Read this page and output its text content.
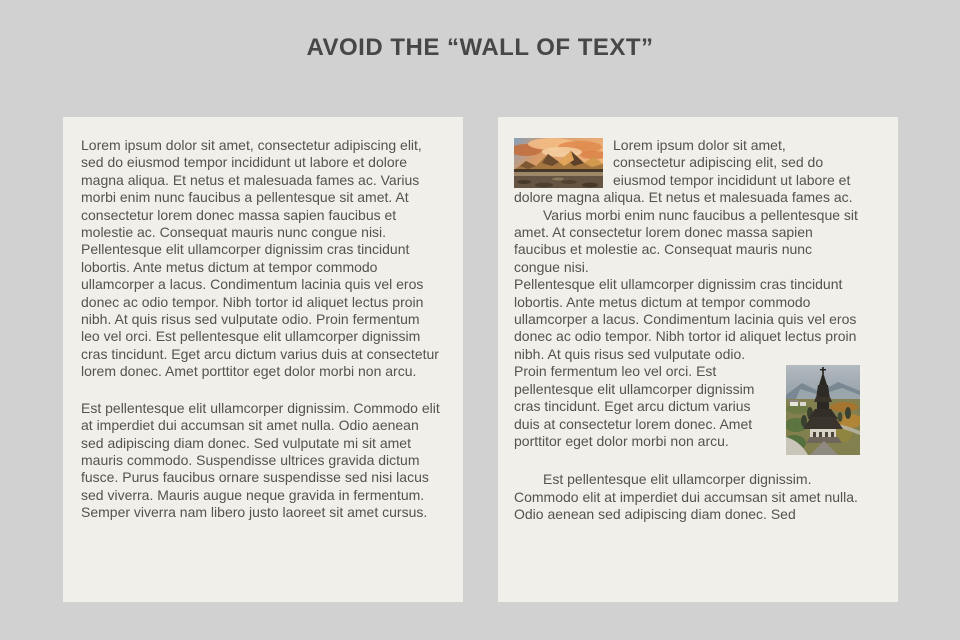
AVOID THE “WALL OF TEXT”

Lorem ipsum dolor sit amet, consectetur adipiscing elit, sed do eiusmod tempor incididunt ut labore et dolore magna aliqua. Et netus et malesuada fames ac. Varius morbi enim nunc faucibus a pellentesque sit amet. At consectetur lorem donec massa sapien faucibus et molestie ac. Consequat mauris nunc congue nisi. Pellentesque elit ullamcorper dignissim cras tincidunt lobortis. Ante metus dictum at tempor commodo ullamcorper a lacus. Condimentum lacinia quis vel eros donec ac odio tempor. Nibh tortor id aliquet lectus proin nibh. At quis risus sed vulputate odio. Proin fermentum leo vel orci. Est pellentesque elit ullamcorper dignissim cras tincidunt. Eget arcu dictum varius duis at consectetur lorem donec. Amet porttitor eget dolor morbi non arcu.

Est pellentesque elit ullamcorper dignissim. Commodo elit at imperdiet dui accumsan sit amet nulla. Odio aenean sed adipiscing diam donec. Sed vulputate mi sit amet mauris commodo. Suspendisse ultrices gravida dictum fusce. Purus faucibus ornare suspendisse sed nisi lacus sed viverra. Mauris augue neque gravida in fermentum. Semper viverra nam libero justo laoreet sit amet cursus.

Lorem ipsum dolor sit amet, consectetur adipiscing elit, sed do eiusmod tempor incididunt ut labore et dolore magna aliqua. Et netus et malesuada fames ac.

Varius morbi enim nunc faucibus a pellentesque sit amet. At consectetur lorem donec massa sapien faucibus et molestie ac. Consequat mauris nunc congue nisi.

Pellentesque elit ullamcorper dignissim cras tincidunt lobortis. Ante metus dictum at tempor commodo ullamcorper a lacus. Condimentum lacinia quis vel eros donec ac odio tempor. Nibh tortor id aliquet lectus proin nibh. At quis risus sed vulputate odio.

Proin fermentum leo vel orci. Est pellentesque elit ullamcorper dignissim cras tincidunt. Eget arcu dictum varius duis at consectetur lorem donec. Amet porttitor eget dolor morbi non arcu.

Est pellentesque elit ullamcorper dignissim. Commodo elit at imperdiet dui accumsan sit amet nulla. Odio aenean sed adipiscing diam donec. Sed
